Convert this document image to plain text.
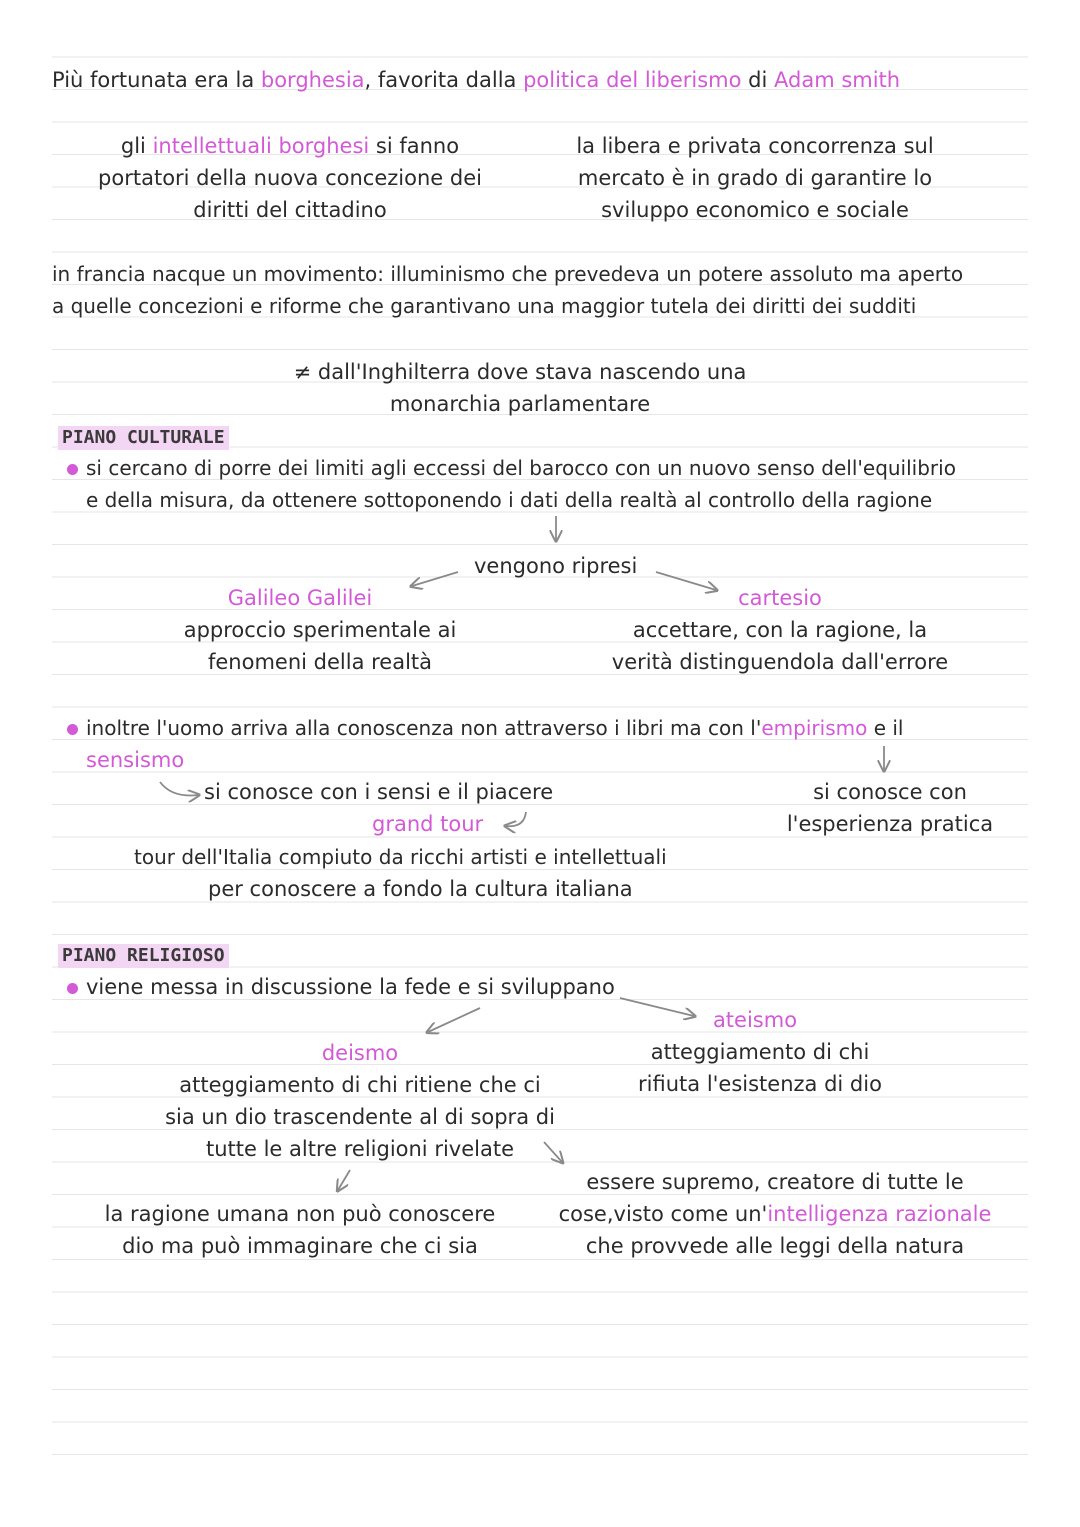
Più fortunata era la borghesia, favorita dalla politica del liberismo di Adam smith
gli intellettuali borghesi si fanno
portatori della nuova concezione dei
diritti del cittadino
la libera e privata concorrenza sul
mercato è in grado di garantire lo
sviluppo economico e sociale
in francia nacque un movimento: illuminismo che prevedeva un potere assoluto ma aperto
a quelle concezioni e riforme che garantivano una maggior tutela dei diritti dei sudditi
≠ dall'Inghilterra dove stava nascendo una
monarchia parlamentare
PIANO CULTURALE
si cercano di porre dei limiti agli eccessi del barocco con un nuovo senso dell'equilibrio
e della misura, da ottenere sottoponendo i dati della realtà al controllo della ragione
vengono ripresi
Galileo Galilei
approccio sperimentale ai
fenomeni della realtà
cartesio
accettare, con la ragione, la
verità distinguendola dall'errore
inoltre l'uomo arriva alla conoscenza non attraverso i libri ma con l'empirismo e il
sensismo
si conosce con i sensi e il piacere
grand tour
tour dell'Italia compiuto da ricchi artisti e intellettuali
per conoscere a fondo la cultura italiana
si conosce con
l'esperienza pratica
PIANO RELIGIOSO
viene messa in discussione la fede e si sviluppano
ateismo
atteggiamento di chi
rifiuta l'esistenza di dio
deismo
atteggiamento di chi ritiene che ci
sia un dio trascendente al di sopra di
tutte le altre religioni rivelate
la ragione umana non può conoscere
dio ma può immaginare che ci sia
essere supremo, creatore di tutte le
cose,visto come un'intelligenza razionale
che provvede alle leggi della natura
